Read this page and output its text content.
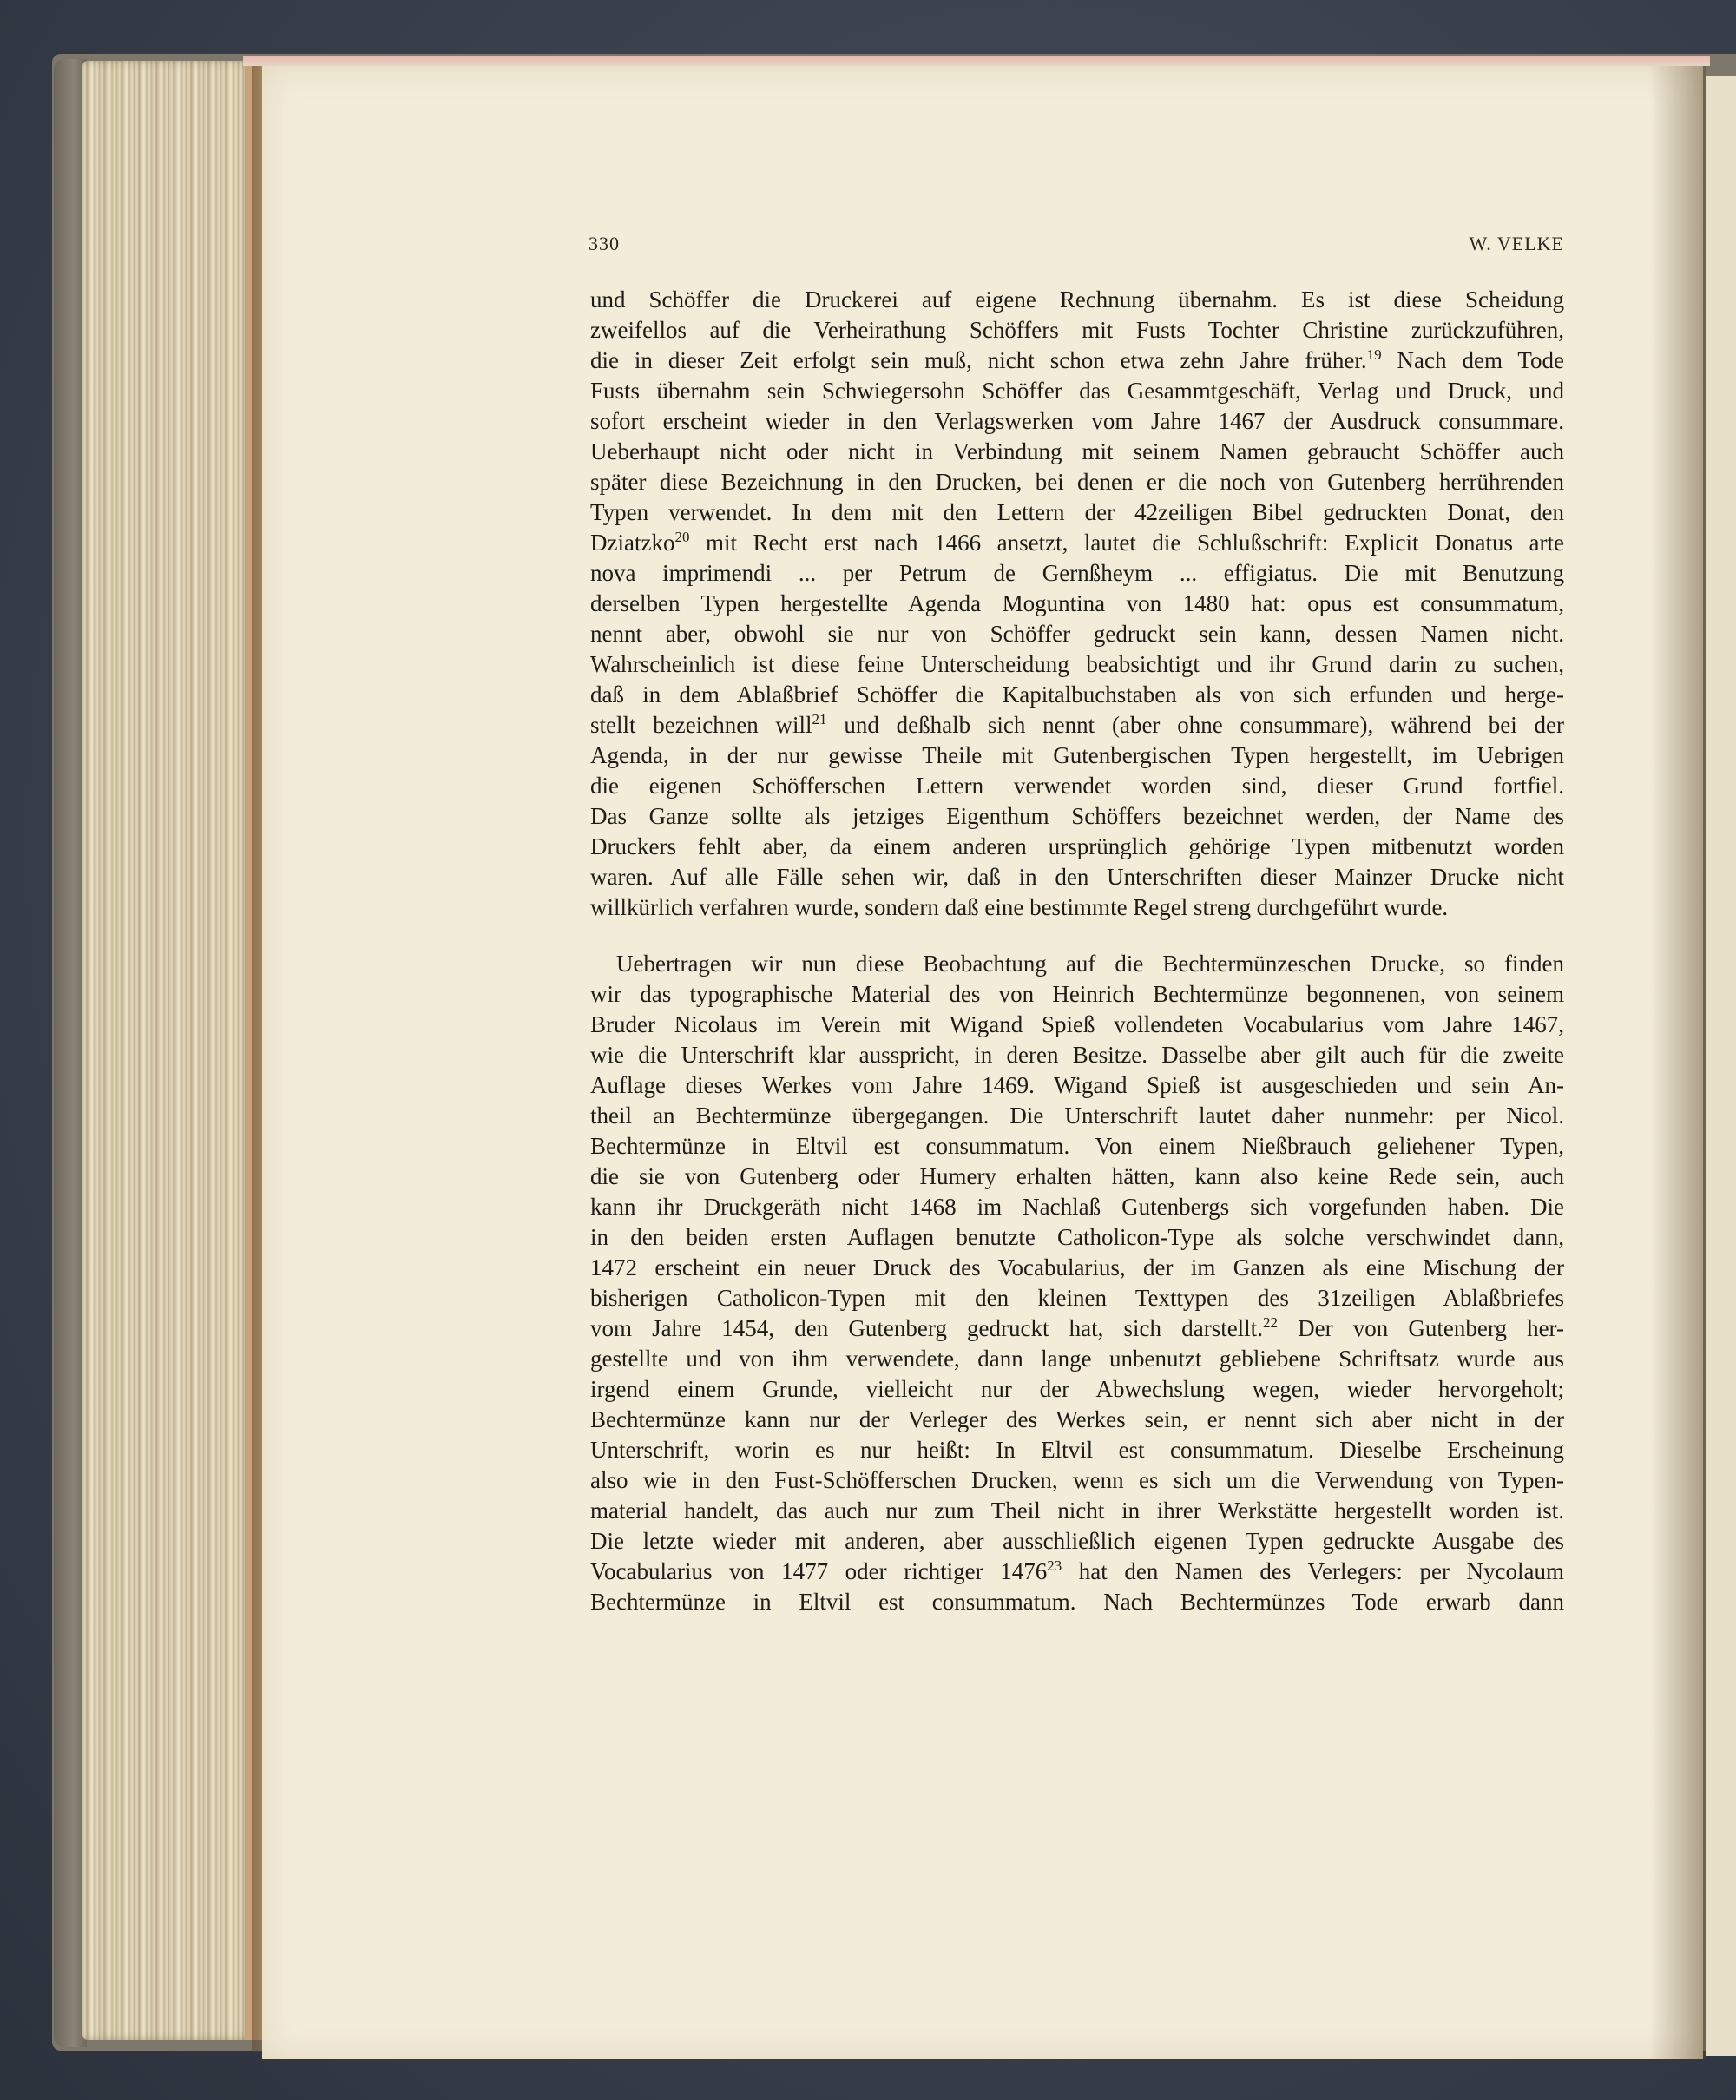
330	W. VELKE
und Schöffer die Druckerei auf eigene Rechnung übernahm. Es ist diese Scheidung
zweifellos auf die Verheirathung Schöffers mit Fusts Tochter Christine zurückzuführen,
die in dieser Zeit erfolgt sein muß, nicht schon etwa zehn Jahre früher.$^{19}$ Nach dem Tode
Fusts übernahm sein Schwiegersohn Schöffer das Gesammtgeschäft, Verlag und Druck, und
sofort erscheint wieder in den Verlagswerken vom Jahre 1467 der Ausdruck consummare.
Ueberhaupt nicht oder nicht in Verbindung mit seinem Namen gebraucht Schöffer auch
später diese Bezeichnung in den Drucken, bei denen er die noch von Gutenberg herrührenden
Typen verwendet. In dem mit den Lettern der 42zeiligen Bibel gedruckten Donat, den
Dziatzko$^{20}$ mit Recht erst nach 1466 ansetzt, lautet die Schlußschrift: Explicit Donatus arte
nova imprimendi ... per Petrum de Gernßheym ... effigiatus. Die mit Benutzung
derselben Typen hergestellte Agenda Moguntina von 1480 hat: opus est consummatum,
nennt aber, obwohl sie nur von Schöffer gedruckt sein kann, dessen Namen nicht.
Wahrscheinlich ist diese feine Unterscheidung beabsichtigt und ihr Grund darin zu suchen,
daß in dem Ablaßbrief Schöffer die Kapitalbuchstaben als von sich erfunden und herge-
stellt bezeichnen will$^{21}$ und deßhalb sich nennt (aber ohne consummare), während bei der
Agenda, in der nur gewisse Theile mit Gutenbergischen Typen hergestellt, im Uebrigen
die eigenen Schöfferschen Lettern verwendet worden sind, dieser Grund fortfiel.
Das Ganze sollte als jetziges Eigenthum Schöffers bezeichnet werden, der Name des
Druckers fehlt aber, da einem anderen ursprünglich gehörige Typen mitbenutzt worden
waren. Auf alle Fälle sehen wir, daß in den Unterschriften dieser Mainzer Drucke nicht
willkürlich verfahren wurde, sondern daß eine bestimmte Regel streng durchgeführt wurde.
Uebertragen wir nun diese Beobachtung auf die Bechtermünzeschen Drucke, so finden
wir das typographische Material des von Heinrich Bechtermünze begonnenen, von seinem
Bruder Nicolaus im Verein mit Wigand Spieß vollendeten Vocabularius vom Jahre 1467,
wie die Unterschrift klar ausspricht, in deren Besitze. Dasselbe aber gilt auch für die zweite
Auflage dieses Werkes vom Jahre 1469. Wigand Spieß ist ausgeschieden und sein An-
theil an Bechtermünze übergegangen. Die Unterschrift lautet daher nunmehr: per Nicol.
Bechtermünze in Eltvil est consummatum. Von einem Nießbrauch geliehener Typen,
die sie von Gutenberg oder Humery erhalten hätten, kann also keine Rede sein, auch
kann ihr Druckgeräth nicht 1468 im Nachlaß Gutenbergs sich vorgefunden haben. Die
in den beiden ersten Auflagen benutzte Catholicon-Type als solche verschwindet dann,
1472 erscheint ein neuer Druck des Vocabularius, der im Ganzen als eine Mischung der
bisherigen Catholicon-Typen mit den kleinen Texttypen des 31zeiligen Ablaßbriefes
vom Jahre 1454, den Gutenberg gedruckt hat, sich darstellt.$^{22}$ Der von Gutenberg her-
gestellte und von ihm verwendete, dann lange unbenutzt gebliebene Schriftsatz wurde aus
irgend einem Grunde, vielleicht nur der Abwechslung wegen, wieder hervorgeholt;
Bechtermünze kann nur der Verleger des Werkes sein, er nennt sich aber nicht in der
Unterschrift, worin es nur heißt: In Eltvil est consummatum. Dieselbe Erscheinung
also wie in den Fust-Schöfferschen Drucken, wenn es sich um die Verwendung von Typen-
material handelt, das auch nur zum Theil nicht in ihrer Werkstätte hergestellt worden ist.
Die letzte wieder mit anderen, aber ausschließlich eigenen Typen gedruckte Ausgabe des
Vocabularius von 1477 oder richtiger 1476$^{23}$ hat den Namen des Verlegers: per Nycolaum
Bechtermünze in Eltvil est consummatum. Nach Bechtermünzes Tode erwarb dann
